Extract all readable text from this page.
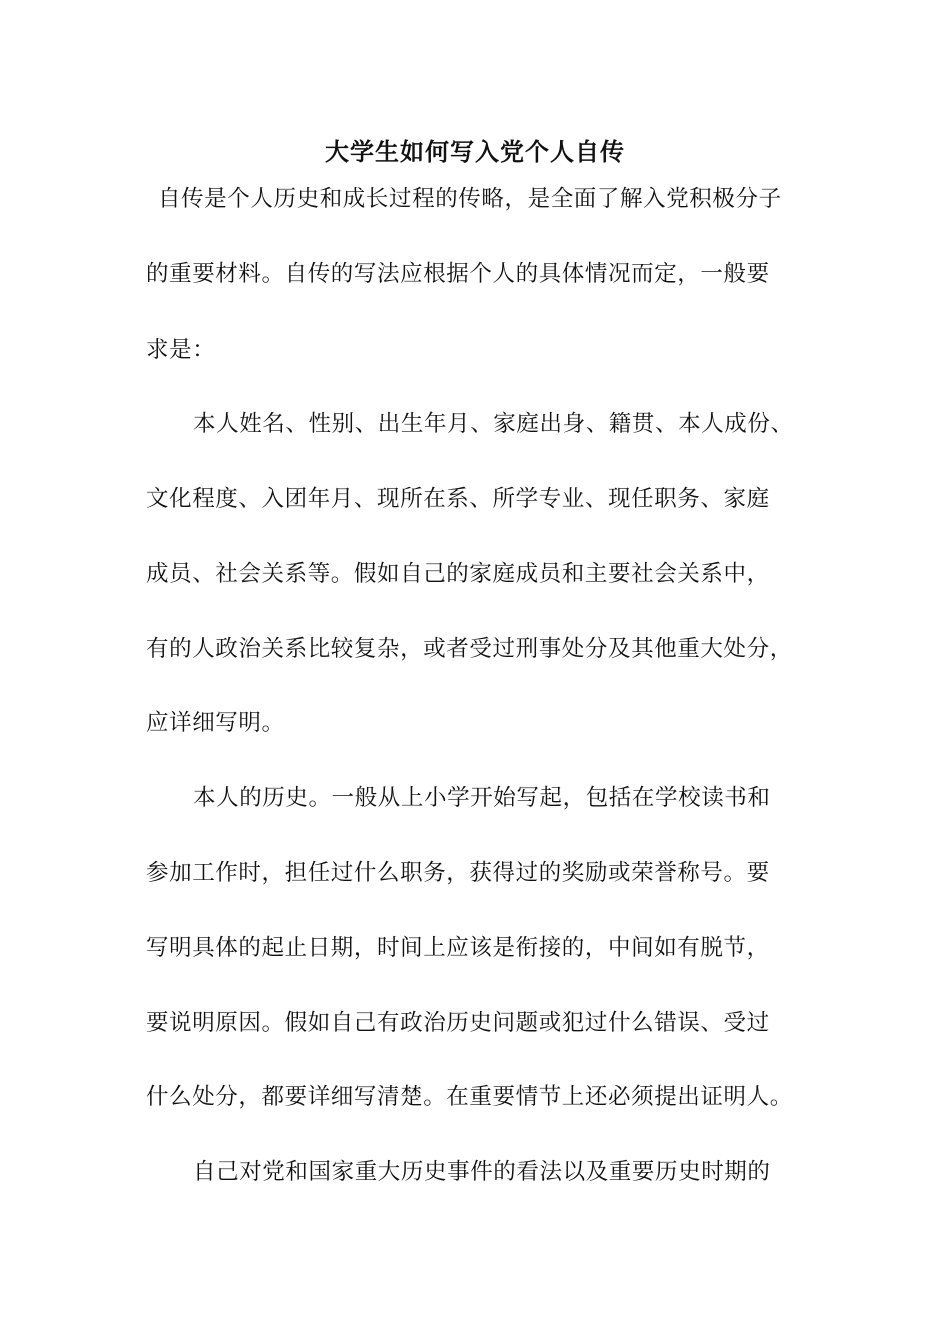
大学生如何写入党个人自传
自传是个人历史和成长过程的传略，是全面了解入党积极分子
的重要材料。自传的写法应根据个人的具体情况而定，一般要
求是：
本人姓名、性别、出生年月、家庭出身、籍贯、本人成份、
文化程度、入团年月、现所在系、所学专业、现任职务、家庭
成员、社会关系等。假如自己的家庭成员和主要社会关系中，
有的人政治关系比较复杂，或者受过刑事处分及其他重大处分，
应详细写明。
本人的历史。一般从上小学开始写起，包括在学校读书和
参加工作时，担任过什么职务，获得过的奖励或荣誉称号。要
写明具体的起止日期，时间上应该是衔接的，中间如有脱节，
要说明原因。假如自己有政治历史问题或犯过什么错误、受过
什么处分，都要详细写清楚。在重要情节上还必须提出证明人。
自己对党和国家重大历史事件的看法以及重要历史时期的
